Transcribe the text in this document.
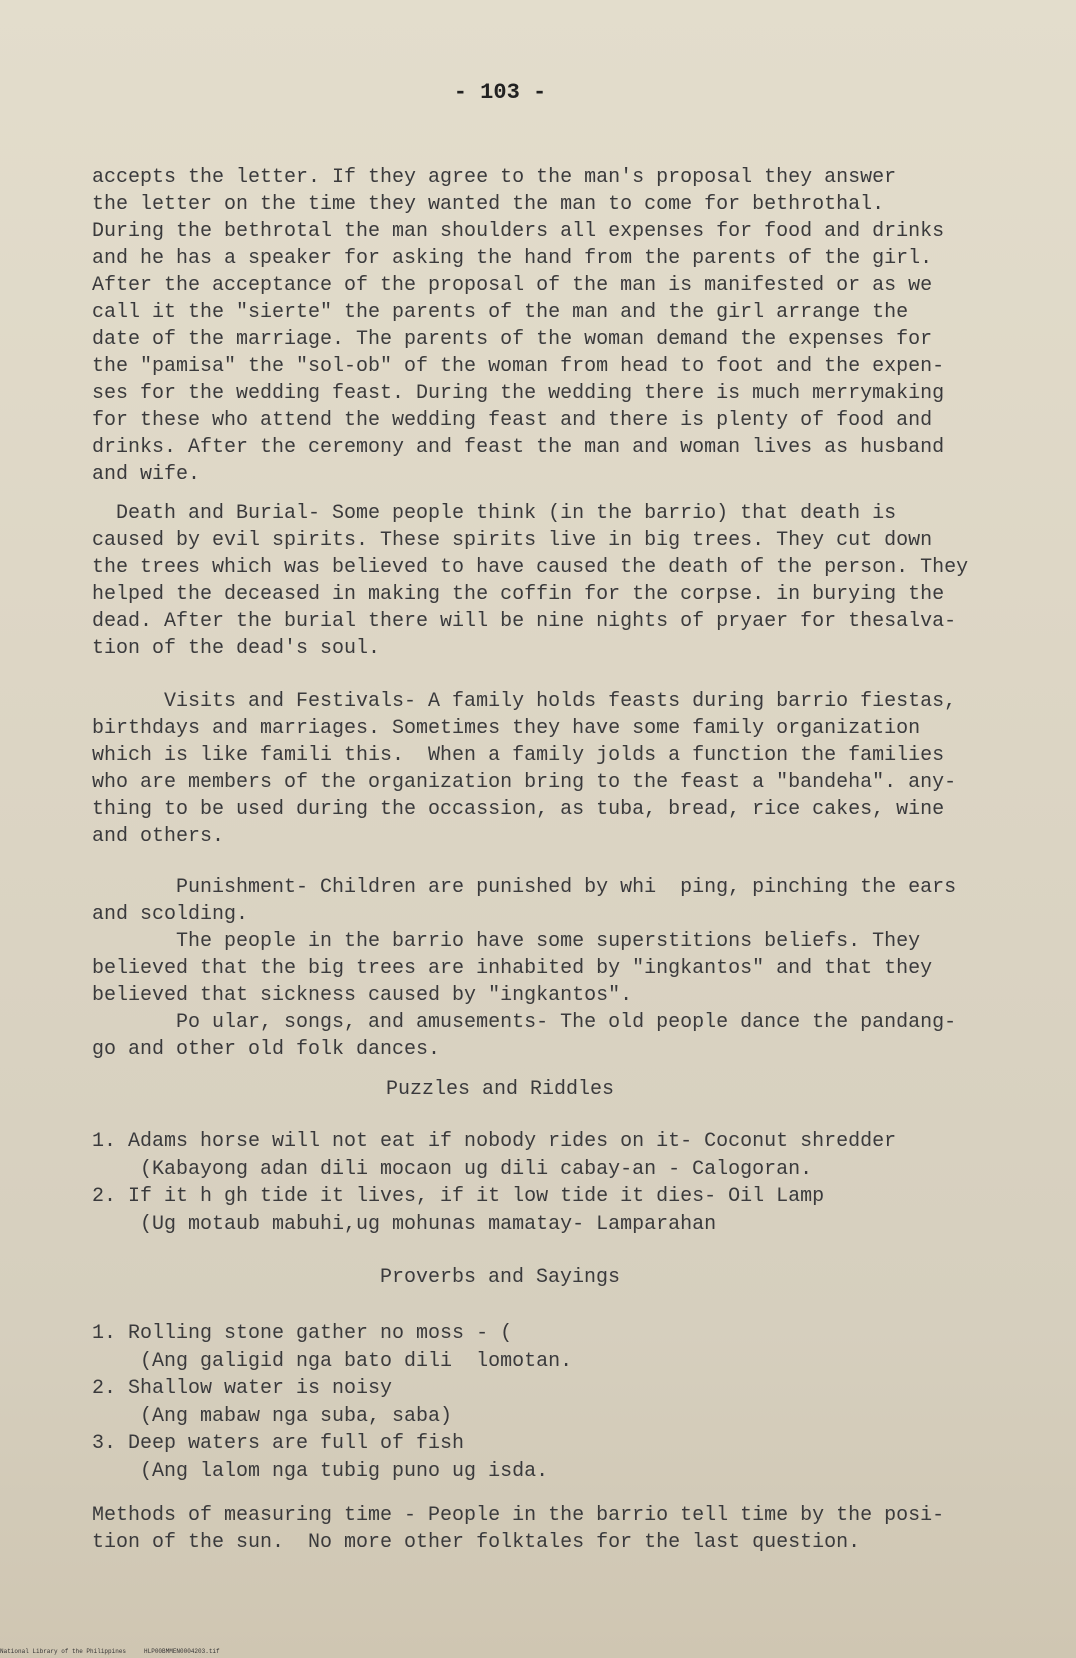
- 103 -
accepts the letter. If they agree to the man's proposal they answer
the letter on the time they wanted the man to come for bethrothal.
During the bethrotal the man shoulders all expenses for food and drinks
and he has a speaker for asking the hand from the parents of the girl.
After the acceptance of the proposal of the man is manifested or as we
call it the "sierte" the parents of the man and the girl arrange the
date of the marriage. The parents of the woman demand the expenses for
the "pamisa" the "sol-ob" of the woman from head to foot and the expen-
ses for the wedding feast. During the wedding there is much merrymaking
for these who attend the wedding feast and there is plenty of food and
drinks. After the ceremony and feast the man and woman lives as husband
and wife.
Death and Burial- Some people think (in the barrio) that death is
caused by evil spirits. These spirits live in big trees. They cut down
the trees which was believed to have caused the death of the person. They
helped the deceased in making the coffin for the corpse. in burying the
dead. After the burial there will be nine nights of pryaer for thesalva-
tion of the dead's soul.
Visits and Festivals- A family holds feasts during barrio fiestas,
birthdays and marriages. Sometimes they have some family organization
which is like famili this.  When a family jolds a function the families
who are members of the organization bring to the feast a "bandeha". any-
thing to be used during the occassion, as tuba, bread, rice cakes, wine
and others.
Punishment- Children are punished by whi  ping, pinching the ears
and scolding.
The people in the barrio have some superstitions beliefs. They
believed that the big trees are inhabited by "ingkantos" and that they
believed that sickness caused by "ingkantos".
Po ular, songs, and amusements- The old people dance the pandang-
go and other old folk dances.
Puzzles and Riddles
1. Adams horse will not eat if nobody rides on it- Coconut shredder
(Kabayong adan dili mocaon ug dili cabay-an - Calogoran.
2. If it h gh tide it lives, if it low tide it dies- Oil Lamp
(Ug motaub mabuhi,ug mohunas mamatay- Lamparahan
Proverbs and Sayings
1. Rolling stone gather no moss - (
(Ang galigid nga bato dili  lomotan.
2. Shallow water is noisy
(Ang mabaw nga suba, saba)
3. Deep waters are full of fish
(Ang lalom nga tubig puno ug isda.
Methods of measuring time - People in the barrio tell time by the posi-
tion of the sun.  No more other folktales for the last question.
National Library of the Philippines     HLP00BMMEN0004203.tif
